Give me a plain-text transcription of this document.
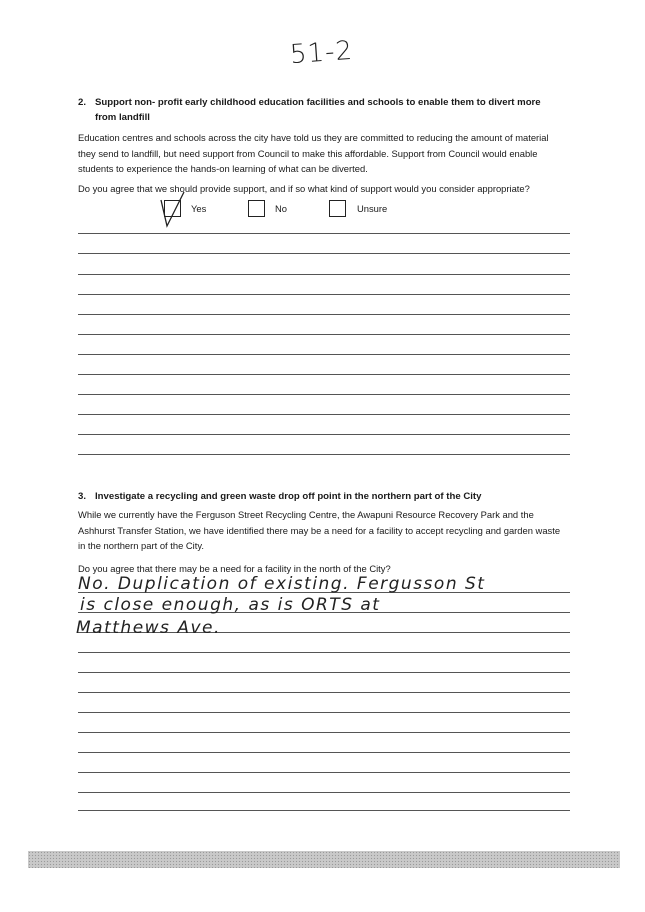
51-2
2. Support non- profit early childhood education facilities and schools to enable them to divert more
from landfill
Education centres and schools across the city have told us they are committed to reducing the amount of material
they send to landfill, but need support from Council to make this affordable. Support from Council would enable
students to experience the hands-on learning of what can be diverted.
Do you agree that we should provide support, and if so what kind of support would you consider appropriate?
Yes	No	Unsure
3. Investigate a recycling and green waste drop off point in the northern part of the City
While we currently have the Ferguson Street Recycling Centre, the Awapuni Resource Recovery Park and the
Ashhurst Transfer Station, we have identified there may be a need for a facility to accept recycling and garden waste
in the northern part of the City.
Do you agree that there may be a need for a facility in the north of the City?
No. Duplication of existing. Fergusson St
is close enough, as is ORTS at
Matthews Ave.
